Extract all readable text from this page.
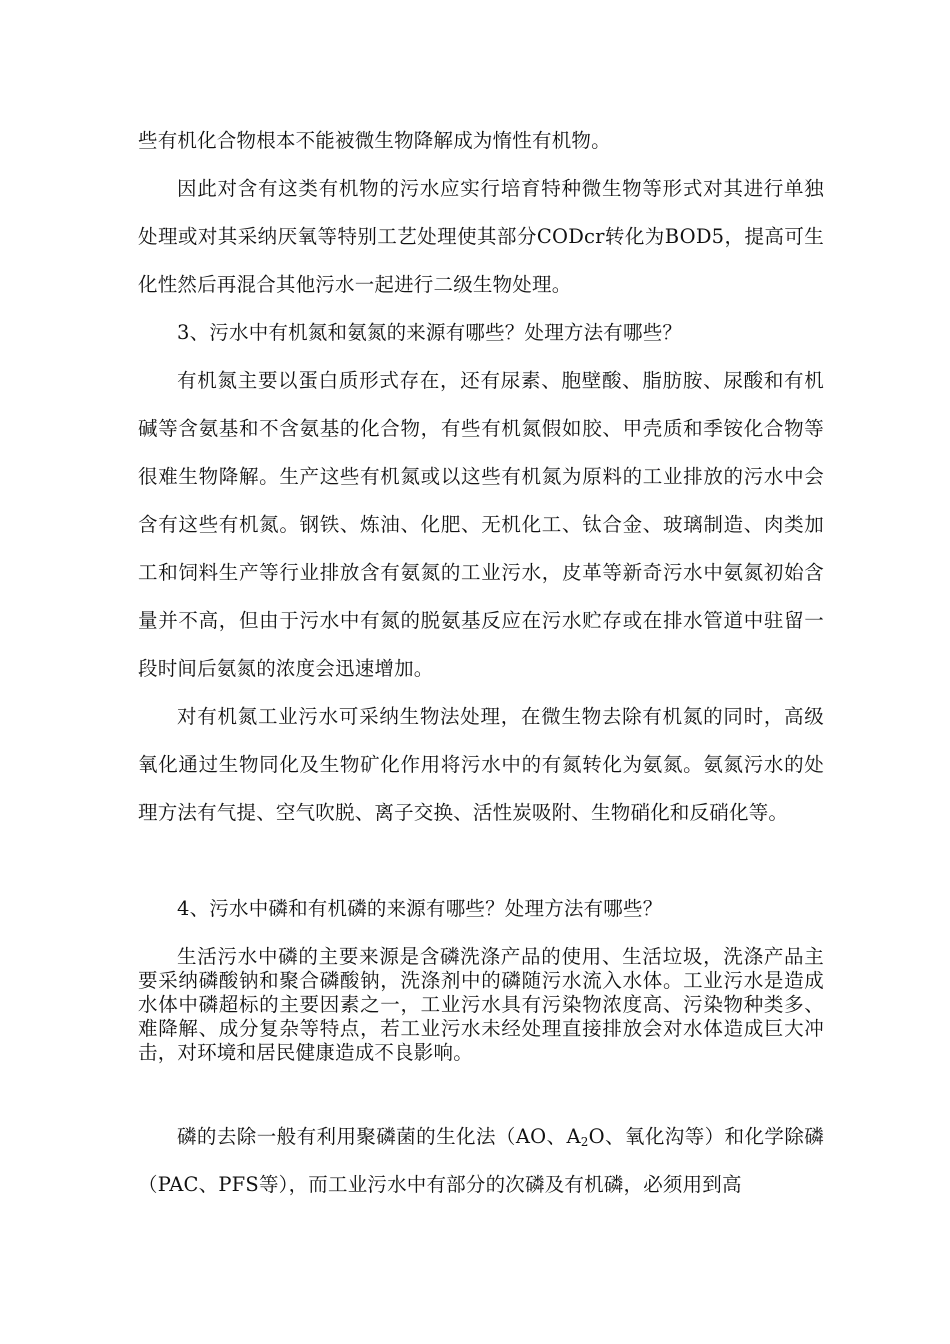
些有机化合物根本不能被微生物降解成为惰性有机物。

因此对含有这类有机物的污水应实行培育特种微生物等形式对其进行单独处理或对其采纳厌氧等特别工艺处理使其部分CODcr转化为BOD5，提高可生化性然后再混合其他污水一起进行二级生物处理。

3、污水中有机氮和氨氮的来源有哪些？处理方法有哪些？

有机氮主要以蛋白质形式存在，还有尿素、胞壁酸、脂肪胺、尿酸和有机碱等含氨基和不含氨基的化合物，有些有机氮假如胶、甲壳质和季铵化合物等很难生物降解。生产这些有机氮或以这些有机氮为原料的工业排放的污水中会含有这些有机氮。钢铁、炼油、化肥、无机化工、钛合金、玻璃制造、肉类加工和饲料生产等行业排放含有氨氮的工业污水，皮革等新奇污水中氨氮初始含量并不高，但由于污水中有氮的脱氨基反应在污水贮存或在排水管道中驻留一段时间后氨氮的浓度会迅速增加。

对有机氮工业污水可采纳生物法处理，在微生物去除有机氮的同时，高级氧化通过生物同化及生物矿化作用将污水中的有氮转化为氨氮。氨氮污水的处理方法有气提、空气吹脱、离子交换、活性炭吸附、生物硝化和反硝化等。

4、污水中磷和有机磷的来源有哪些？处理方法有哪些？

生活污水中磷的主要来源是含磷洗涤产品的使用、生活垃圾，洗涤产品主要采纳磷酸钠和聚合磷酸钠，洗涤剂中的磷随污水流入水体。工业污水是造成水体中磷超标的主要因素之一，工业污水具有污染物浓度高、污染物种类多、难降解、成分复杂等特点，若工业污水未经处理直接排放会对水体造成巨大冲击，对环境和居民健康造成不良影响。

磷的去除一般有利用聚磷菌的生化法（AO、$A_2O$、氧化沟等）和化学除磷（PAC、PFS等），而工业污水中有部分的次磷及有机磷，必须用到高
